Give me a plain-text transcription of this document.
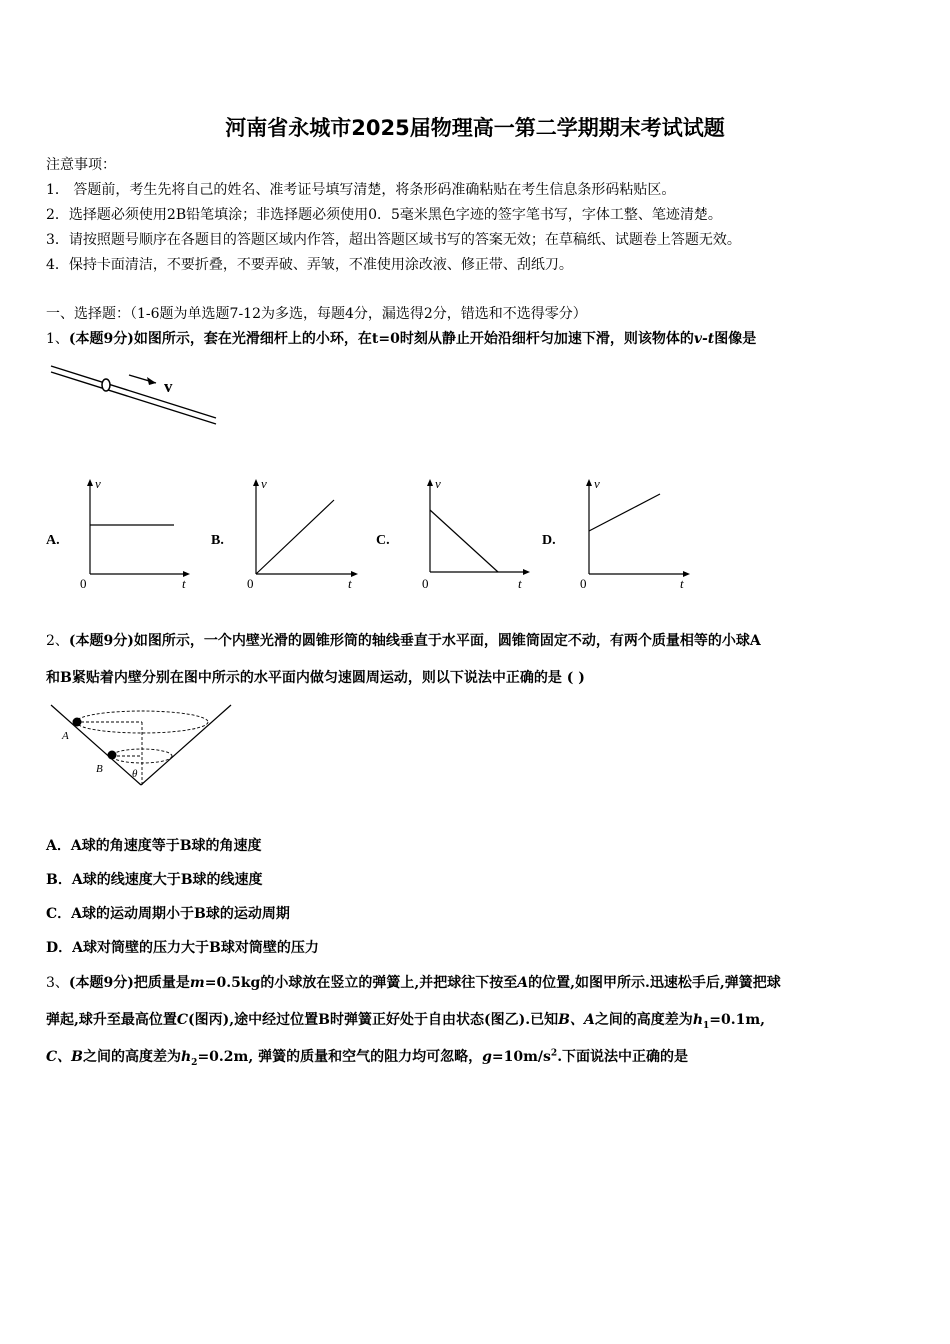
河南省永城市2025届物理高一第二学期期末考试试题
注意事项：
1． 答题前，考生先将自己的姓名、准考证号填写清楚，将条形码准确粘贴在考生信息条形码粘贴区。
2．选择题必须使用2B铅笔填涂；非选择题必须使用0．5毫米黑色字迹的签字笔书写，字体工整、笔迹清楚。
3．请按照题号顺序在各题目的答题区域内作答，超出答题区域书写的答案无效；在草稿纸、试题卷上答题无效。
4．保持卡面清洁，不要折叠，不要弄破、弄皱，不准使用涂改液、修正带、刮纸刀。
一、选择题：（1-6题为单选题7-12为多选，每题4分，漏选得2分，错选和不选得零分）
1、(本题9分)如图所示，套在光滑细杆上的小环，在t=0时刻从静止开始沿细杆匀加速下滑，则该物体的v-t图像是
v
A.
v
t
0
B.
v
t
0
C.
v
t
0
D.
v
t
0
2、(本题9分)如图所示，一个内壁光滑的圆锥形筒的轴线垂直于水平面，圆锥筒固定不动，有两个质量相等的小球A
和B紧贴着内壁分别在图中所示的水平面内做匀速圆周运动，则以下说法中正确的是 ( )
A
B	θ
A．A球的角速度等于B球的角速度
B．A球的线速度大于B球的线速度
C．A球的运动周期小于B球的运动周期
D．A球对筒壁的压力大于B球对筒壁的压力
3、(本题9分)把质量是m=0.5kg的小球放在竖立的弹簧上,并把球往下按至A的位置,如图甲所示.迅速松手后,弹簧把球
弹起,球升至最高位置C(图丙),途中经过位置B时弹簧正好处于自由状态(图乙).已知B、A之间的高度差为$h_1=0.1m$,
C、B之间的高度差为$h_2=0.2m$, 弹簧的质量和空气的阻力均可忽略，$g=10m/s^2$.下面说法中正确的是
